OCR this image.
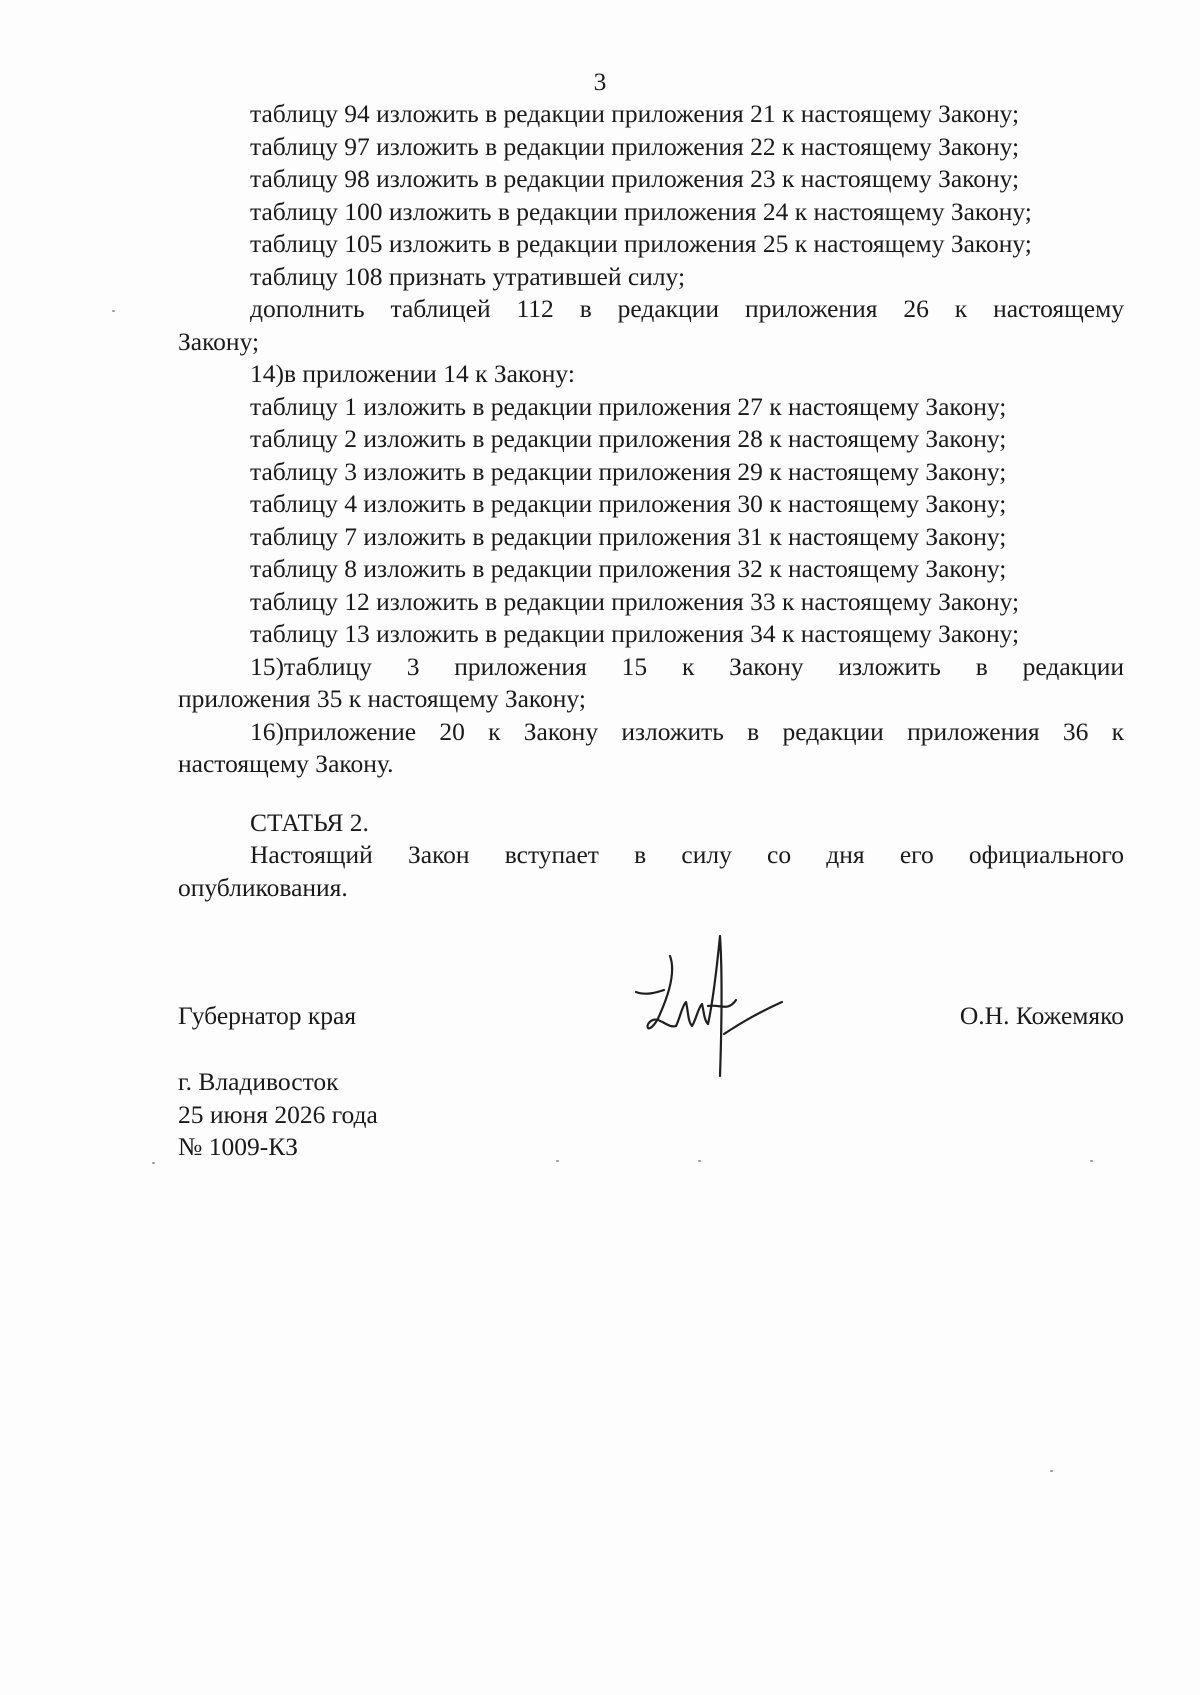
3
таблицу 94 изложить в редакции приложения 21 к настоящему Закону;
таблицу 97 изложить в редакции приложения 22 к настоящему Закону;
таблицу 98 изложить в редакции приложения 23 к настоящему Закону;
таблицу 100 изложить в редакции приложения 24 к настоящему Закону;
таблицу 105 изложить в редакции приложения 25 к настоящему Закону;
таблицу 108 признать утратившей силу;
дополнить таблицей 112 в редакции приложения 26 к настоящему
Закону;
14)в приложении 14 к Закону:
таблицу 1 изложить в редакции приложения 27 к настоящему Закону;
таблицу 2 изложить в редакции приложения 28 к настоящему Закону;
таблицу 3 изложить в редакции приложения 29 к настоящему Закону;
таблицу 4 изложить в редакции приложения 30 к настоящему Закону;
таблицу 7 изложить в редакции приложения 31 к настоящему Закону;
таблицу 8 изложить в редакции приложения 32 к настоящему Закону;
таблицу 12 изложить в редакции приложения 33 к настоящему Закону;
таблицу 13 изложить в редакции приложения 34 к настоящему Закону;
15)таблицу 3 приложения 15 к Закону изложить в редакции
приложения 35 к настоящему Закону;
16)приложение 20 к Закону изложить в редакции приложения 36 к
настоящему Закону.
СТАТЬЯ 2.
Настоящий Закон вступает в силу со дня его официального
опубликования.
Губернатор края	О.Н. Кожемяко
г. Владивосток
25 июня 2026 года
№ 1009-КЗ
